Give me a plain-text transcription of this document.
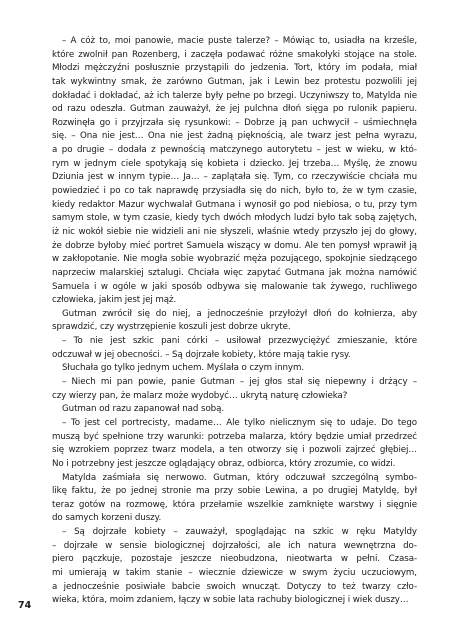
– A cóż to, moi panowie, macie puste talerze? – Mówiąc to, usiadła na krześle,
które zwolnił pan Rozenberg, i zaczęła podawać różne smakołyki stojące na stole.
Młodzi mężczyźni posłusznie przystąpili do jedzenia. Tort, który im podała, miał
tak wykwintny smak, że zarówno Gutman, jak i Lewin bez protestu pozwolili jej
dokładać i dokładać, aż ich talerze były pełne po brzegi. Uczyniwszy to, Matylda nie
od razu odeszła. Gutman zauważył, że jej pulchna dłoń sięga po rulonik papieru.
Rozwinęła go i przyjrzała się rysunkowi: – Dobrze ją pan uchwycił – uśmiechnęła
się. – Ona nie jest… Ona nie jest żadną pięknością, ale twarz jest pełna wyrazu,
a po drugie – dodała z pewnością matczynego autorytetu – jest w wieku, w któ-
rym w jednym ciele spotykają się kobieta i dziecko. Jej trzeba… Myślę, że znowu
Dziunia jest w innym typie… Ja… – zaplątała się. Tym, co rzeczywiście chciała mu
powiedzieć i po co tak naprawdę przysiadła się do nich, było to, że w tym czasie,
kiedy redaktor Mazur wychwalał Gutmana i wynosił go pod niebiosa, o tu, przy tym
samym stole, w tym czasie, kiedy tych dwóch młodych ludzi było tak sobą zajętych,
iż nic wokół siebie nie widzieli ani nie słyszeli, właśnie wtedy przyszło jej do głowy,
że dobrze byłoby mieć portret Samuela wiszący w domu. Ale ten pomysł wprawił ją
w zakłopotanie. Nie mogła sobie wyobrazić męża pozującego, spokojnie siedzącego
naprzeciw malarskiej sztalugi. Chciała więc zapytać Gutmana jak można namówić
Samuela i w ogóle w jaki sposób odbywa się malowanie tak żywego, ruchliwego
człowieka, jakim jest jej mąż.
Gutman zwrócił się do niej, a jednocześnie przyłożył dłoń do kołnierza, aby
sprawdzić, czy wystrzępienie koszuli jest dobrze ukryte.
– To nie jest szkic pani córki – usiłował przezwyciężyć zmieszanie, które
odczuwał w jej obecności. – Są dojrzałe kobiety, które mają takie rysy.
Słuchała go tylko jednym uchem. Myślała o czym innym.
– Niech mi pan powie, panie Gutman – jej głos stał się niepewny i drżący –
czy wierzy pan, że malarz może wydobyć… ukrytą naturę człowieka?
Gutman od razu zapanował nad sobą.
– To jest cel portrecisty, madame… Ale tylko nielicznym się to udaje. Do tego
muszą być spełnione trzy warunki: potrzeba malarza, który będzie umiał przedrzeć
się wzrokiem poprzez twarz modela, a ten otworzy się i pozwoli zajrzeć głębiej…
No i potrzebny jest jeszcze oglądający obraz, odbiorca, który zrozumie, co widzi.
Matylda zaśmiała się nerwowo. Gutman, który odczuwał szczególną symbo-
likę faktu, że po jednej stronie ma przy sobie Lewina, a po drugiej Matyldę, był
teraz gotów na rozmowę, która przełamie wszelkie zamknięte warstwy i sięgnie
do samych korzeni duszy.
– Są dojrzałe kobiety – zauważył, spoglądając na szkic w ręku Matyldy
– dojrzałe w sensie biologicznej dojrzałości, ale ich natura wewnętrzna do-
piero pączkuje, pozostaje jeszcze nieobudzona, nieotwarta w pełni. Czasa-
mi umierają w takim stanie – wiecznie dziewicze w swym życiu uczuciowym,
a jednocześnie posiwiałe babcie swoich wnucząt. Dotyczy to też twarzy czło-
wieka, która, moim zdaniem, łączy w sobie lata rachuby biologicznej i wiek duszy…
74
